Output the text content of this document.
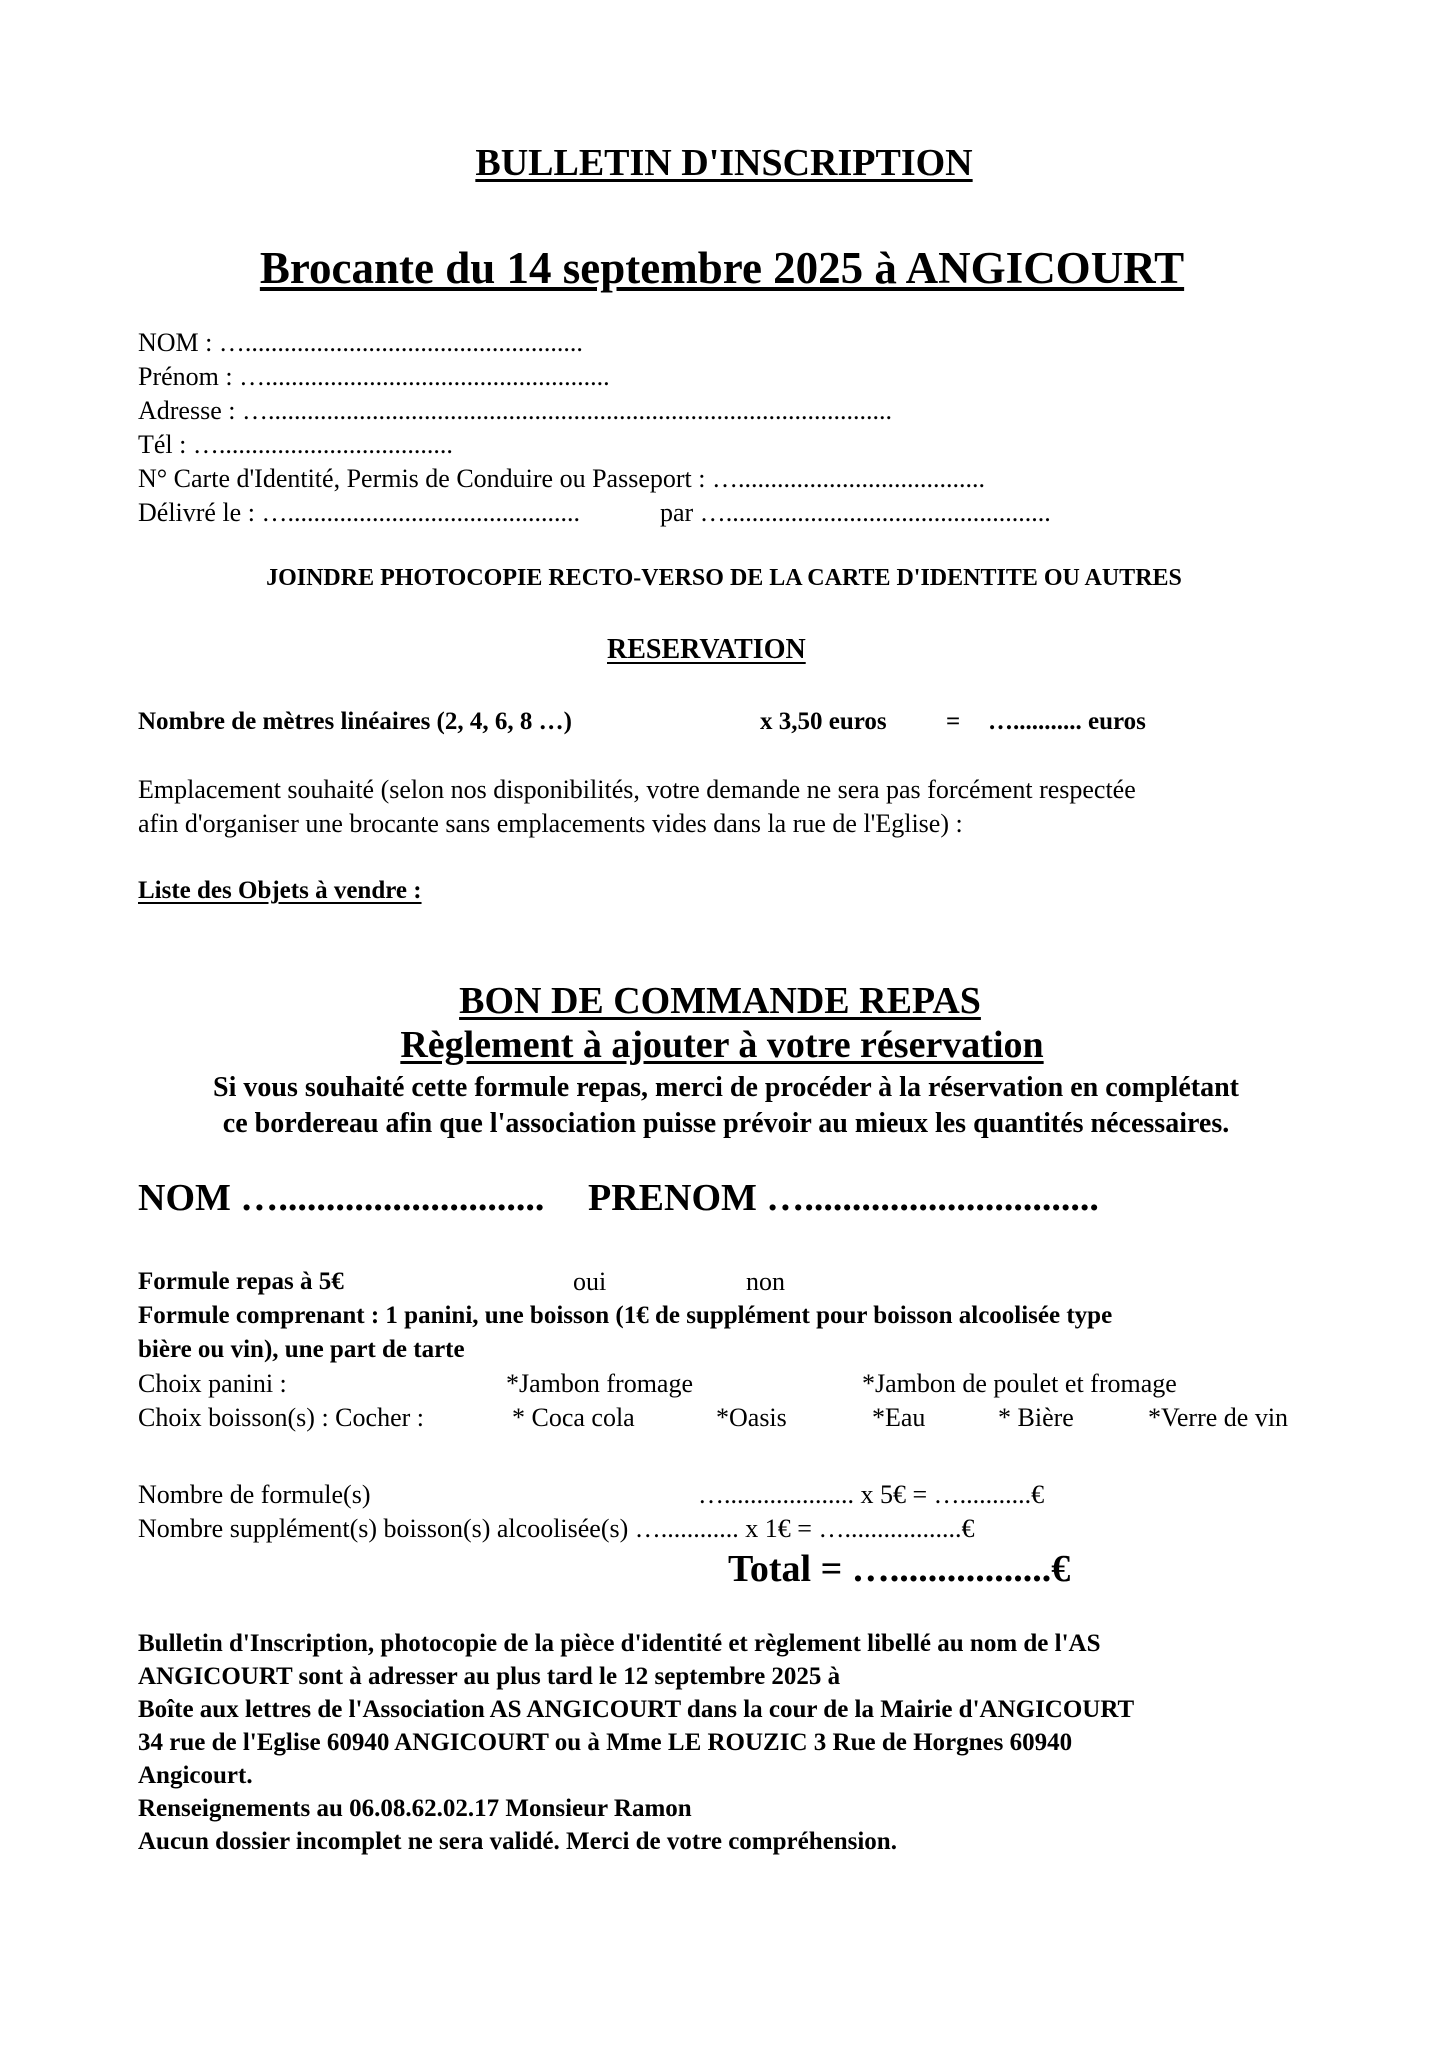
BULLETIN D'INSCRIPTION
Brocante du 14 septembre 2025 à ANGICOURT
NOM : …....................................................
Prénom : ….....................................................
Adresse : …................................................................................................
Tél : …....................................
N° Carte d'Identité, Permis de Conduire ou Passeport : …......................................
Délivré le : ….............................................	par …..................................................
JOINDRE PHOTOCOPIE RECTO-VERSO DE LA CARTE D'IDENTITE OU AUTRES
RESERVATION
Nombre de mètres linéaires (2, 4, 6, 8 …)	x 3,50 euros = …........... euros
Emplacement souhaité (selon nos disponibilités, votre demande ne sera pas forcément respectée
afin d'organiser une brocante sans emplacements vides dans la rue de l'Eglise) :
Liste des Objets à vendre :
BON DE COMMANDE REPAS
Règlement à ajouter à votre réservation
Si vous souhaité cette formule repas, merci de procéder à la réservation en complétant
ce bordereau afin que l'association puisse prévoir au mieux les quantités nécessaires.
NOM …............................ PRENOM …...............................
Formule repas à 5€	oui	non
Formule comprenant : 1 panini, une boisson (1€ de supplément pour boisson alcoolisée type
bière ou vin), une part de tarte
Choix panini :	*Jambon fromage	*Jambon de poulet et fromage
Choix boisson(s) : Cocher :	* Coca cola	*Oasis	*Eau	* Bière	*Verre de vin
Nombre de formule(s)	….................... x 5€ = …...........€
Nombre supplément(s) boisson(s) alcoolisée(s) …............ x 1€ = …..................€
Total = ….................€
Bulletin d'Inscription, photocopie de la pièce d'identité et règlement libellé au nom de l'AS
ANGICOURT sont à adresser au plus tard le 12 septembre 2025 à
Boîte aux lettres de l'Association AS ANGICOURT dans la cour de la Mairie d'ANGICOURT
34 rue de l'Eglise 60940 ANGICOURT ou à Mme LE ROUZIC 3 Rue de Horgnes 60940
Angicourt.
Renseignements au 06.08.62.02.17 Monsieur Ramon
Aucun dossier incomplet ne sera validé. Merci de votre compréhension.
